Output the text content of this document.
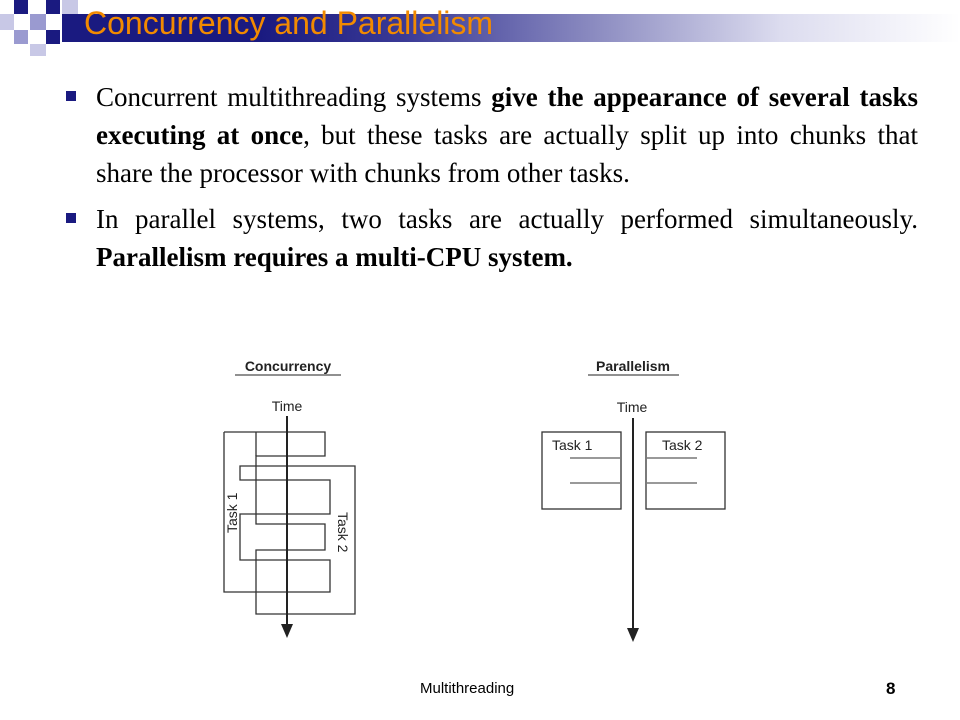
Concurrency and Parallelism
Concurrent multithreading systems give the appearance of several tasks executing at once, but these tasks are actually split up into chunks that share the processor with chunks from other tasks.
In parallel systems, two tasks are actually performed simultaneously. Parallelism requires a multi-CPU system.
Concurrency
Time
Task 1	Task 2
Parallelism
Time
Task 1	Task 2
Multithreading	8
